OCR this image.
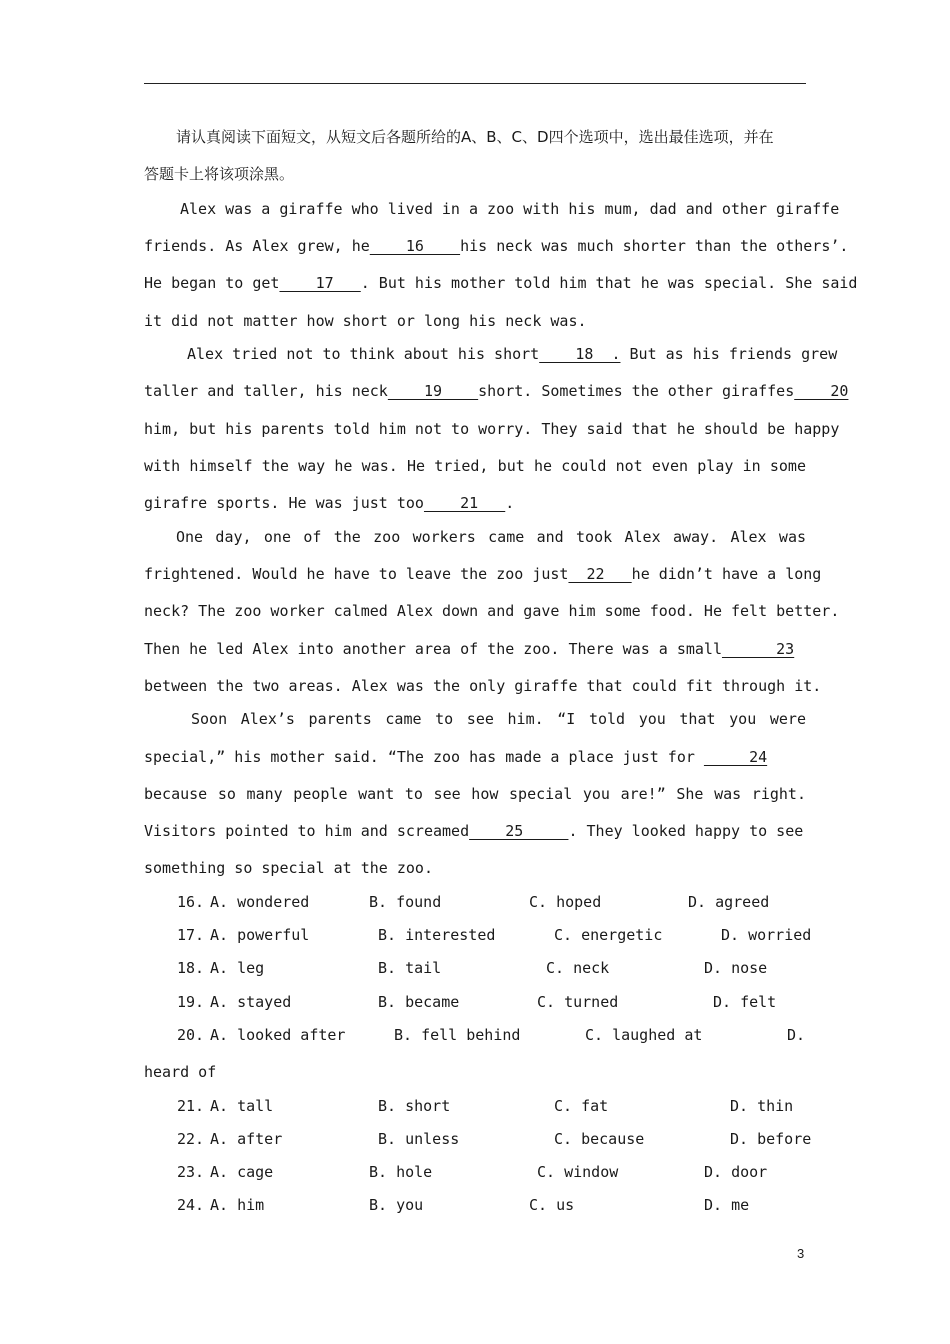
请认真阅读下面短文，从短文后各题所给的A、B、C、D四个选项中，选出最佳选项，并在
答题卡上将该项涂黑。
Alex was a giraffe who lived in a zoo with his mum, dad and other giraffe
friends. As Alex grew, he    16    his neck was much shorter than the others’.
He began to get    17   . But his mother told him that he was special. She said
it did not matter how short or long his neck was.
Alex tried not to think about his short    18  . But as his friends grew
taller and taller, his neck    19    short. Sometimes the other giraffes    20
him, but his parents told him not to worry. They said that he should be happy
with himself the way he was. He tried, but he could not even play in some
girafre sports. He was just too    21   .
One day, one of the zoo workers came and took Alex away. Alex was
frightened. Would he have to leave the zoo just  22   he didn’t have a long
neck? The zoo worker calmed Alex down and gave him some food. He felt better.
Then he led Alex into another area of the zoo. There was a small      23
between the two areas. Alex was the only giraffe that could fit through it.
Soon Alex’s parents came to see him. “I told you that you were
special,” his mother said. “The zoo has made a place just for      24
because so many people want to see how special you are!” She was right.
Visitors pointed to him and screamed    25     . They looked happy to see
something so special at the zoo.
16. A. wondered	B. found	C. hoped	D. agreed
17. A. powerful	B. interested	C. energetic	D. worried
18. A. leg	B. tail	C. neck	D. nose
19. A. stayed	B. became	C. turned	D. felt
20. A. looked after	B. fell behind	C. laughed at	D.
heard of
21. A. tall	B. short	C. fat	D. thin
22. A. after	B. unless	C. because	D. before
23. A. cage	B. hole	C. window	D. door
24. A. him	B. you	C. us	D. me
3
